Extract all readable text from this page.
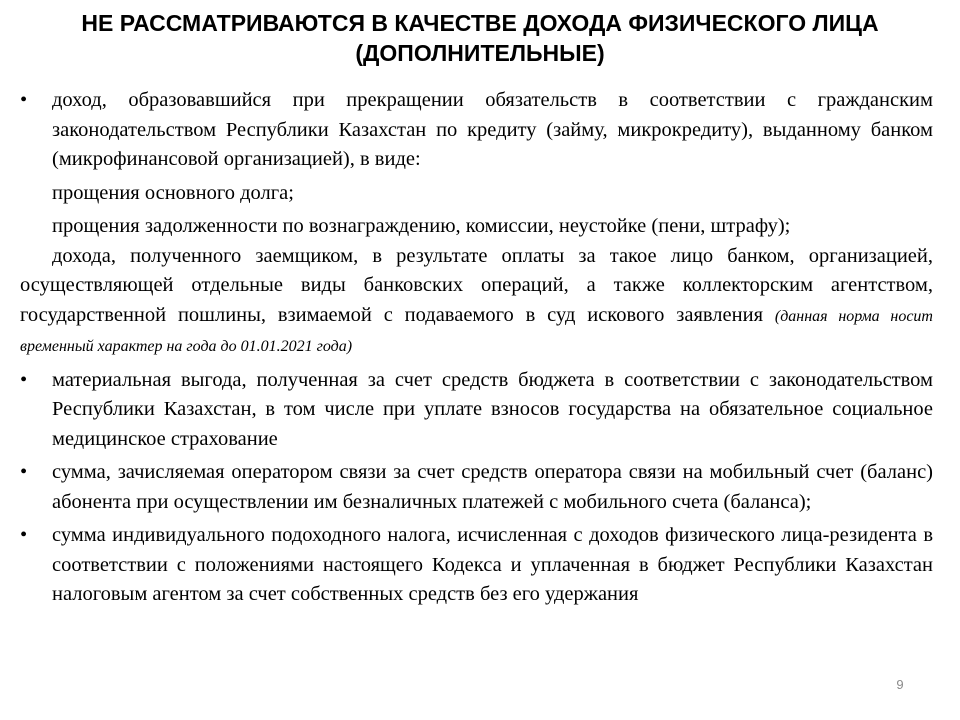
НЕ РАССМАТРИВАЮТСЯ В КАЧЕСТВЕ ДОХОДА ФИЗИЧЕСКОГО ЛИЦА (ДОПОЛНИТЕЛЬНЫЕ)
• доход, образовавшийся при прекращении обязательств в соответствии с гражданским законодательством Республики Казахстан по кредиту (займу, микрокредиту), выданному банком (микрофинансовой организацией), в виде:

прощения основного долга;

прощения задолженности по вознаграждению, комиссии, неустойке (пени, штрафу);

дохода, полученного заемщиком, в результате оплаты за такое лицо банком, организацией, осуществляющей отдельные виды банковских операций, а также коллекторским агентством, государственной пошлины, взимаемой с подаваемого в суд искового заявления (данная норма носит временный характер на года до 01.01.2021 года)

• материальная выгода, полученная за счет средств бюджета в соответствии с законодательством Республики Казахстан, в том числе при уплате взносов государства на обязательное социальное медицинское страхование
• сумма, зачисляемая оператором связи за счет средств оператора связи на мобильный счет (баланс) абонента при осуществлении им безналичных платежей с мобильного счета (баланса);
• сумма индивидуального подоходного налога, исчисленная с доходов физического лица-резидента в соответствии с положениями настоящего Кодекса и уплаченная в бюджет Республики Казахстан налоговым агентом за счет собственных средств без его удержания
9
